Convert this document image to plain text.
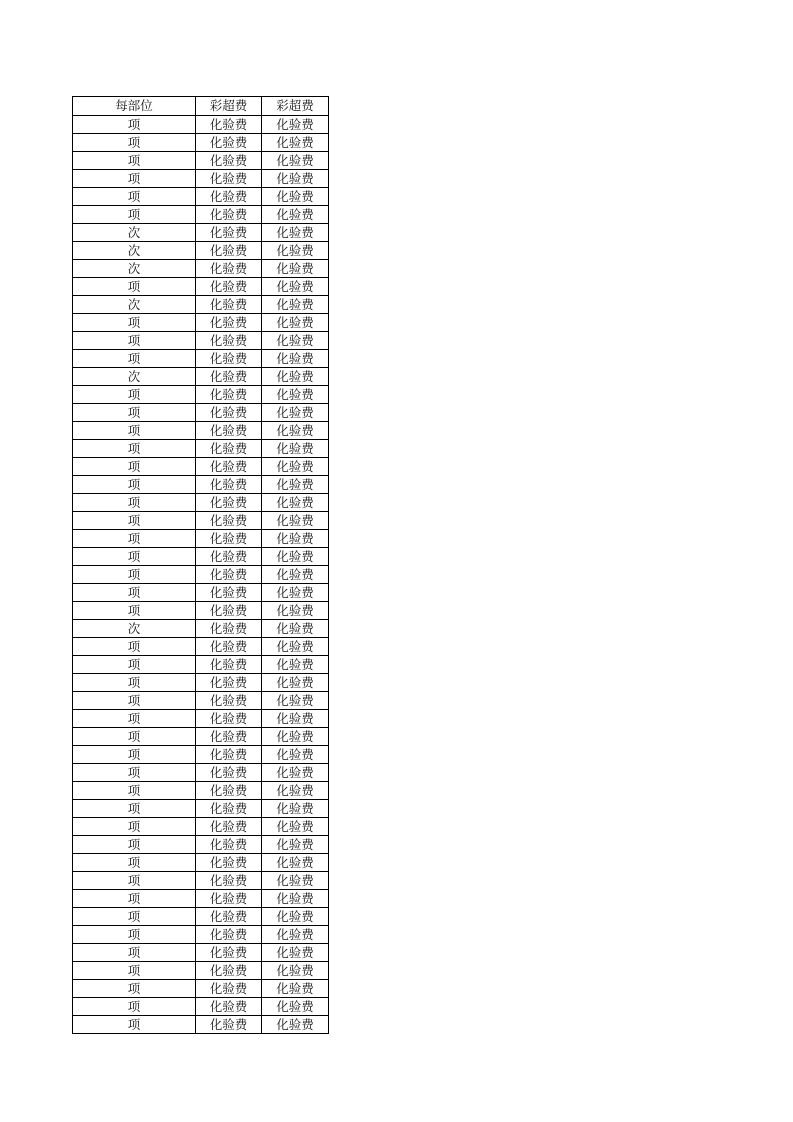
每部位	彩超费	彩超费
项	化验费	化验费
项	化验费	化验费
项	化验费	化验费
项	化验费	化验费
项	化验费	化验费
项	化验费	化验费
次	化验费	化验费
次	化验费	化验费
次	化验费	化验费
项	化验费	化验费
次	化验费	化验费
项	化验费	化验费
项	化验费	化验费
项	化验费	化验费
次	化验费	化验费
项	化验费	化验费
项	化验费	化验费
项	化验费	化验费
项	化验费	化验费
项	化验费	化验费
项	化验费	化验费
项	化验费	化验费
项	化验费	化验费
项	化验费	化验费
项	化验费	化验费
项	化验费	化验费
项	化验费	化验费
项	化验费	化验费
次	化验费	化验费
项	化验费	化验费
项	化验费	化验费
项	化验费	化验费
项	化验费	化验费
项	化验费	化验费
项	化验费	化验费
项	化验费	化验费
项	化验费	化验费
项	化验费	化验费
项	化验费	化验费
项	化验费	化验费
项	化验费	化验费
项	化验费	化验费
项	化验费	化验费
项	化验费	化验费
项	化验费	化验费
项	化验费	化验费
项	化验费	化验费
项	化验费	化验费
项	化验费	化验费
项	化验费	化验费
项	化验费	化验费
